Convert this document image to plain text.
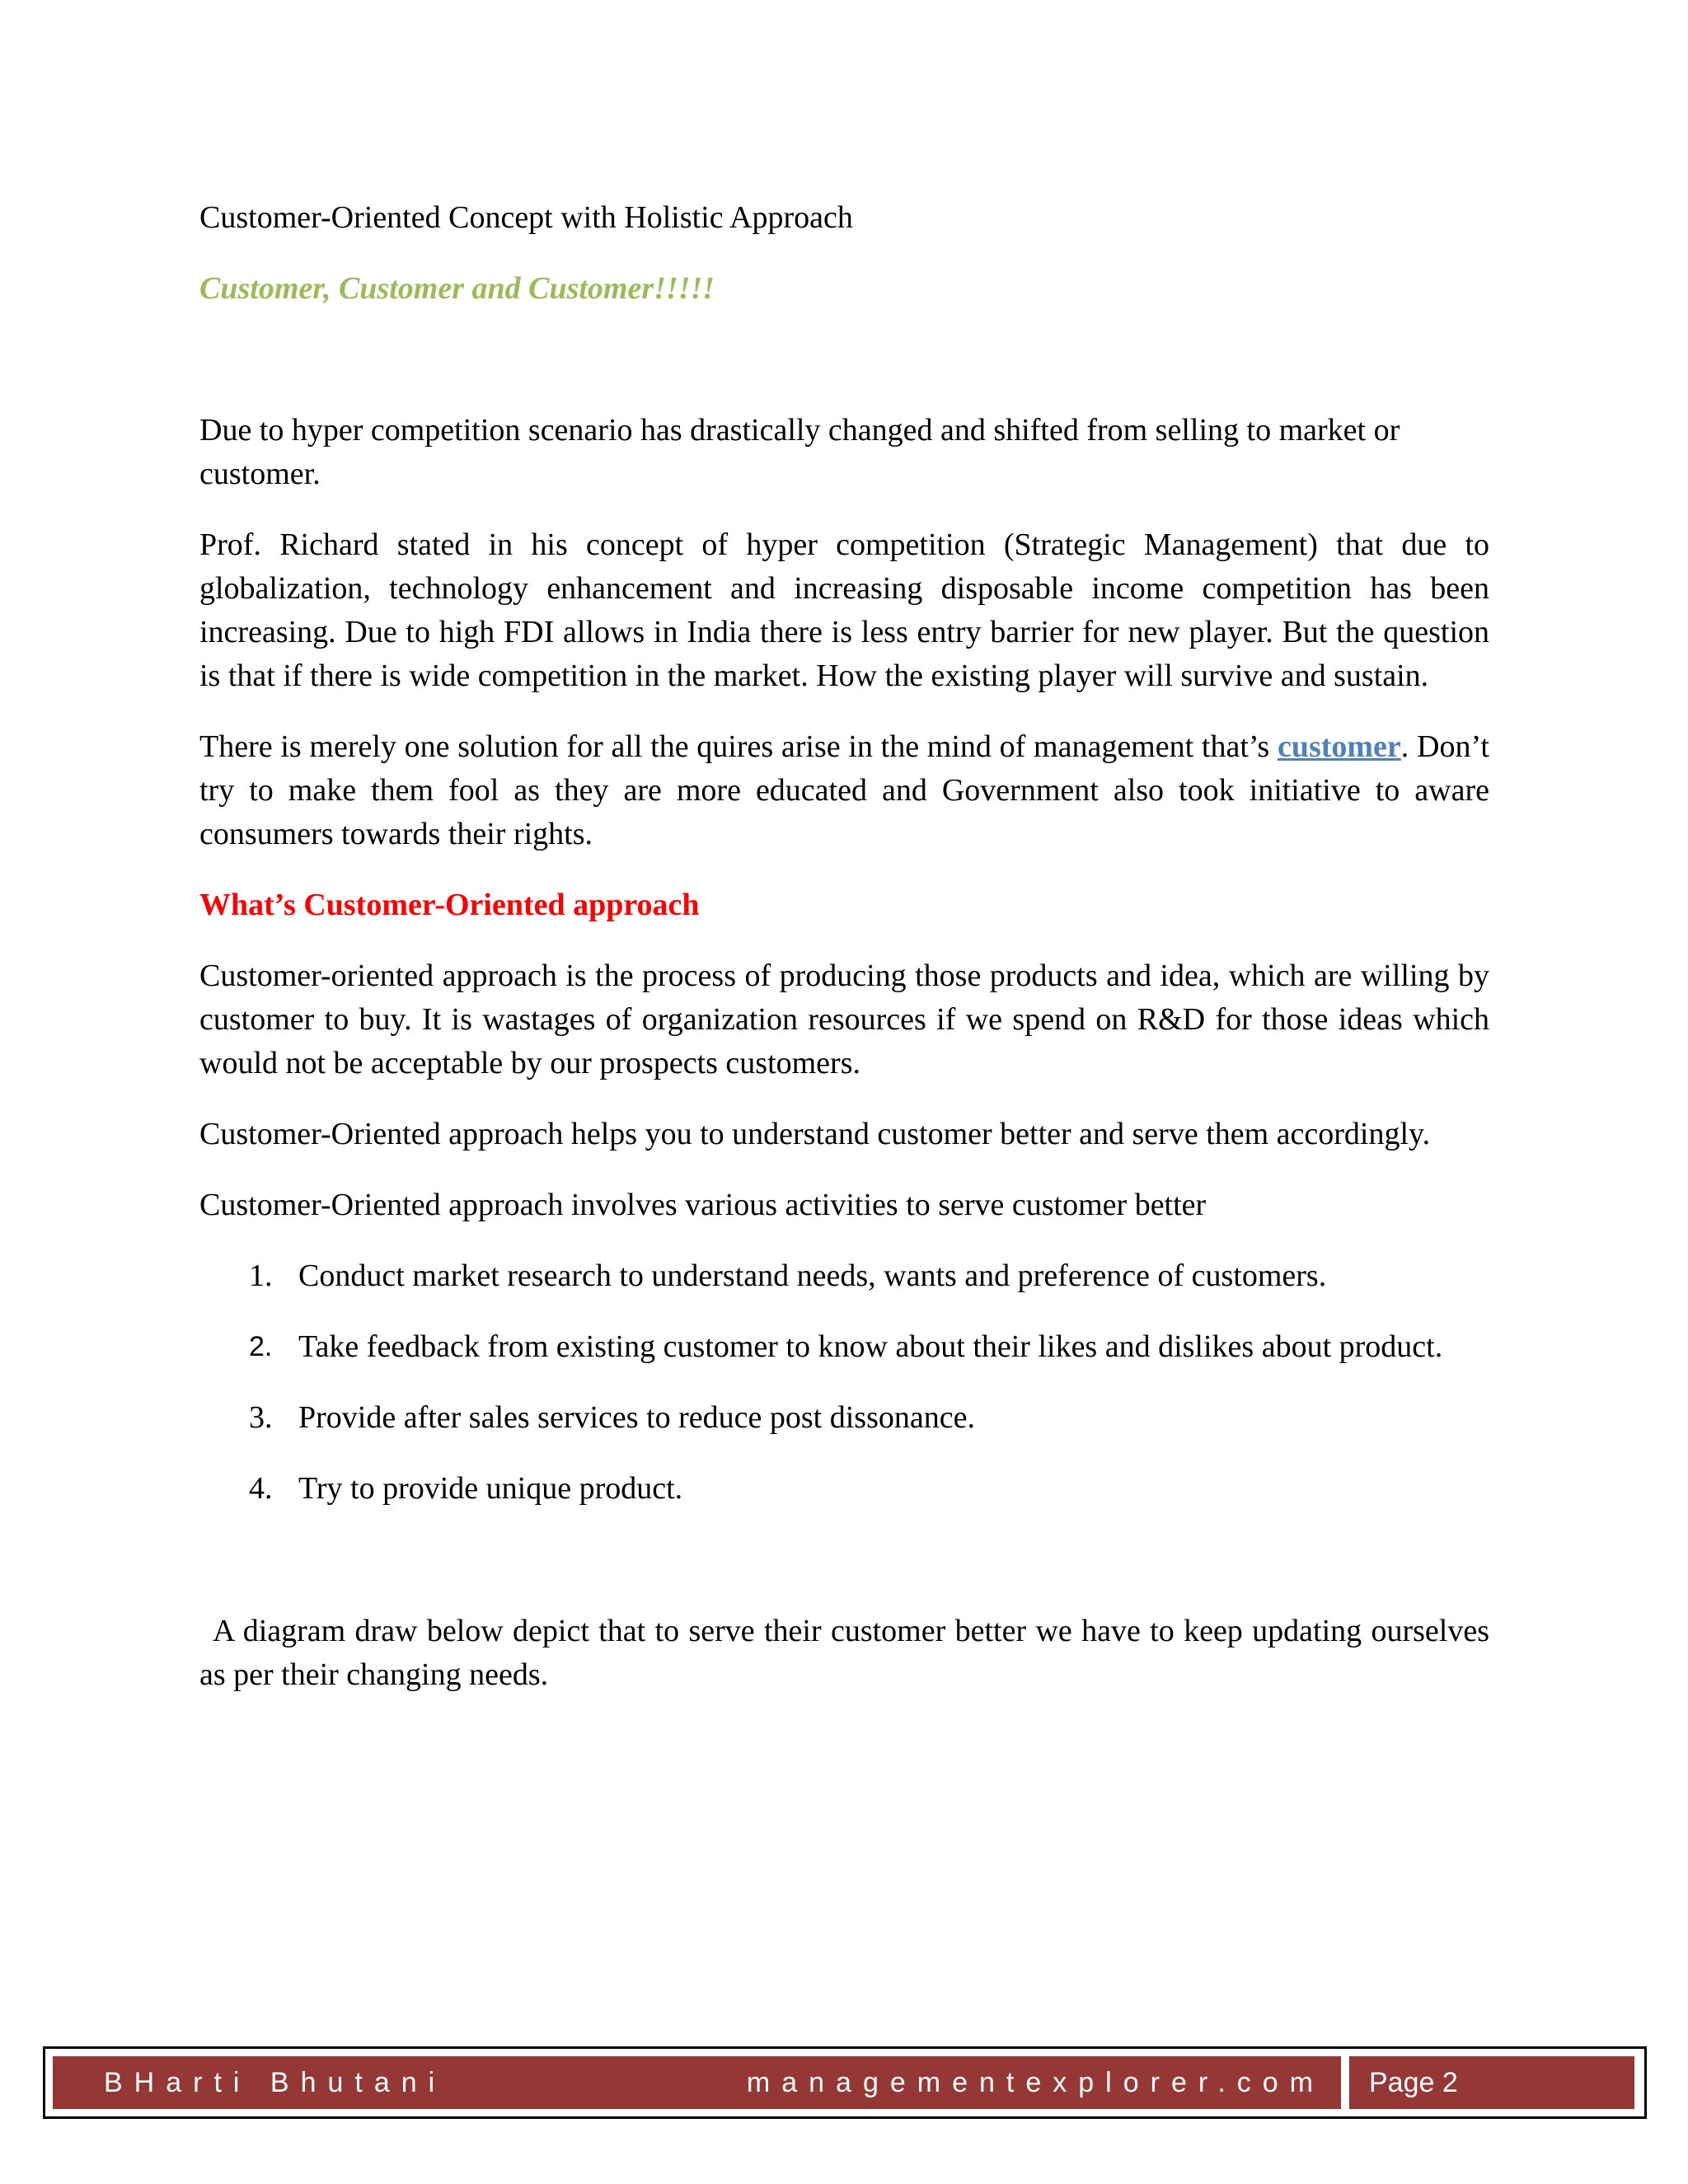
Customer-Oriented Concept with Holistic Approach
Customer, Customer and Customer!!!!!

Due to hyper competition scenario has drastically changed and shifted from selling to market or customer.

Prof. Richard stated in his concept of hyper competition (Strategic Management) that due to globalization, technology enhancement and increasing disposable income competition has been increasing. Due to high FDI allows in India there is less entry barrier for new player. But the question is that if there is wide competition in the market. How the existing player will survive and sustain.

There is merely one solution for all the quires arise in the mind of management that’s customer. Don’t try to make them fool as they are more educated and Government also took initiative to aware consumers towards their rights.

What’s Customer-Oriented approach

Customer-oriented approach is the process of producing those products and idea, which are willing by customer to buy. It is wastages of organization resources if we spend on R&D for those ideas which would not be acceptable by our prospects customers.

Customer-Oriented approach helps you to understand customer better and serve them accordingly.

Customer-Oriented approach involves various activities to serve customer better

1. Conduct market research to understand needs, wants and preference of customers.
2. Take feedback from existing customer to know about their likes and dislikes about product.
3. Provide after sales services to reduce post dissonance.
4. Try to provide unique product.

A diagram draw below depict that to serve their customer better we have to keep updating ourselves as per their changing needs.

BHarti Bhutani	managementexplorer.com Page 2
